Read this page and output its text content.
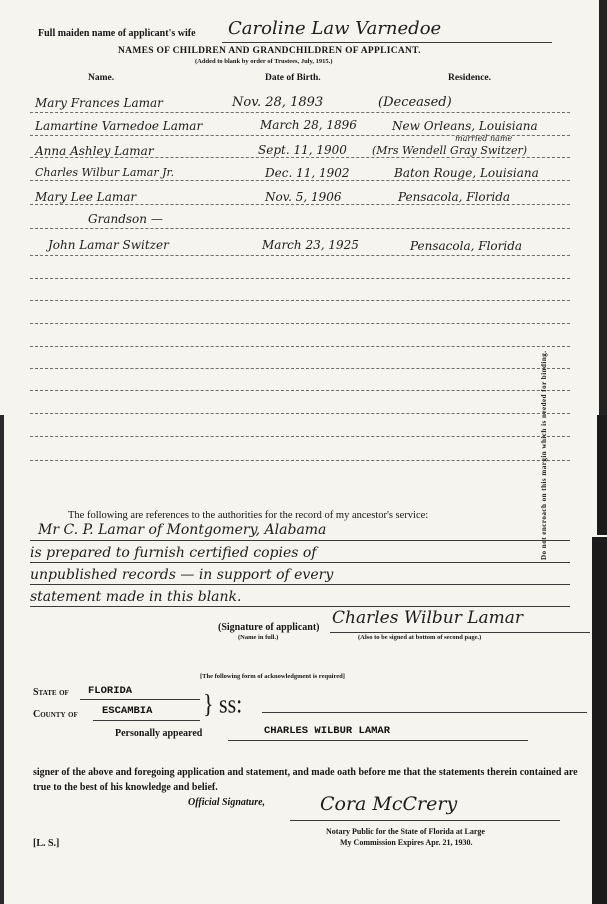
Full maiden name of applicant's wife Caroline Law Varnedoe
NAMES OF CHILDREN AND GRANDCHILDREN OF APPLICANT.
(Added to blank by order of Trustees, July, 1915.)
Name.	Date of Birth.	Residence.
Mary Frances Lamar	Nov. 28, 1893	(Deceased)
Lamartine Varnedoe Lamar	March 28, 1896	New Orleans, Louisiana
married name
Anna Ashley Lamar	Sept. 11, 1900 (Mrs Wendell Gray Switzer)
Charles Wilbur Lamar Jr.	Dec. 11, 1902	Baton Rouge, Louisiana
Mary Lee Lamar	Nov. 5, 1906	Pensacola, Florida
Grandson —
John Lamar Switzer	March 23, 1925	Pensacola, Florida
Do not encroach on this margin which is needed for binding.
The following are references to the authorities for the record of my ancestor's service:
Mr C. P. Lamar of Montgomery, Alabama
is prepared to furnish certified copies of
unpublished records — in support of every
statement made in this blank.
Charles Wilbur Lamar
(Signature of applicant)
(Name in full.)	(Also to be signed at bottom of second page.)
[The following form of acknowledgment is required]
State of FLORIDA
County of ESCAMBIA } ss:
Personally appeared	CHARLES WILBUR LAMAR
signer of the above and foregoing application and statement, and made oath before me that the statements therein contained are true to the best of his knowledge and belief.
Official Signature,	Cora McCrery
Notary Public for the State of Florida at Large
My Commission Expires Apr. 21, 1930.
[L. S.]
